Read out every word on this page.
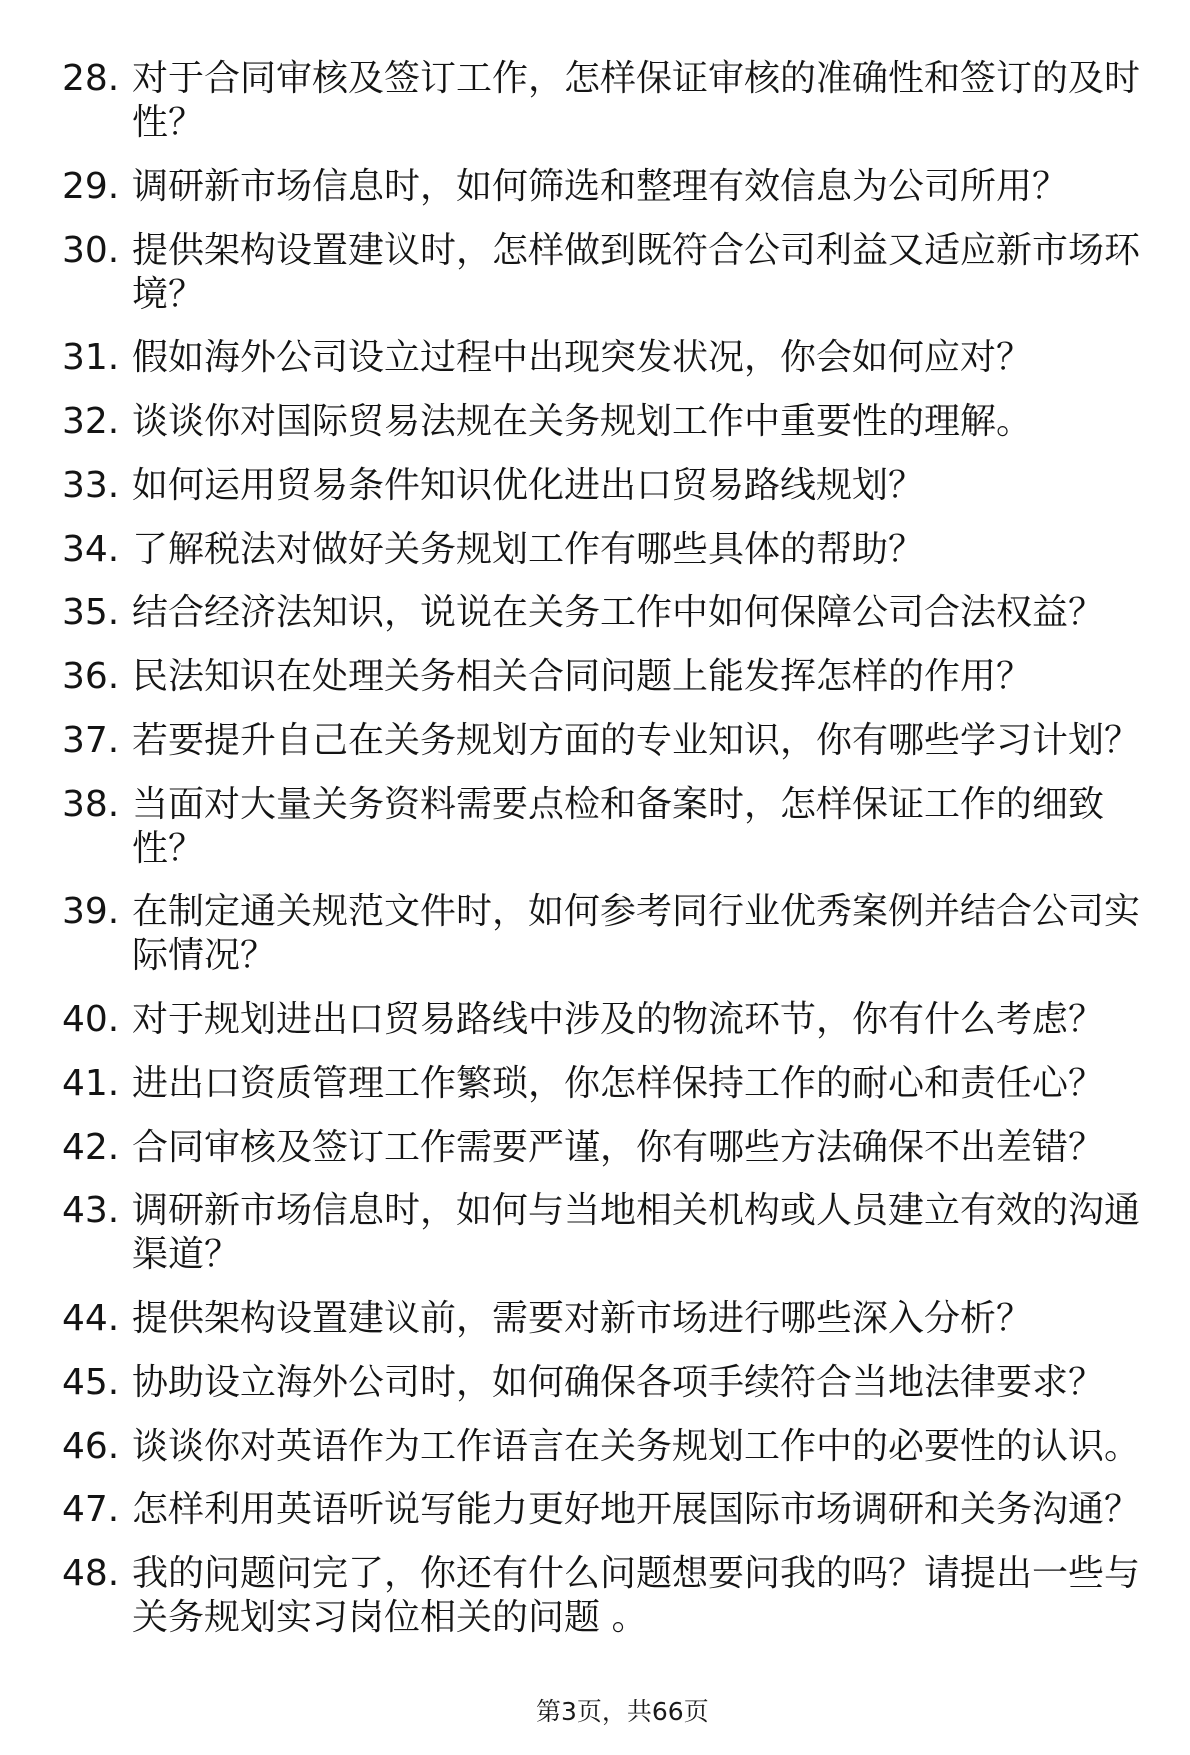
28. 对于合同审核及签订工作，怎样保证审核的准确性和签订的及时性？
29. 调研新市场信息时，如何筛选和整理有效信息为公司所用？
30. 提供架构设置建议时，怎样做到既符合公司利益又适应新市场环境？
31. 假如海外公司设立过程中出现突发状况，你会如何应对？
32. 谈谈你对国际贸易法规在关务规划工作中重要性的理解。
33. 如何运用贸易条件知识优化进出口贸易路线规划？
34. 了解税法对做好关务规划工作有哪些具体的帮助？
35. 结合经济法知识，说说在关务工作中如何保障公司合法权益？
36. 民法知识在处理关务相关合同问题上能发挥怎样的作用？
37. 若要提升自己在关务规划方面的专业知识，你有哪些学习计划？
38. 当面对大量关务资料需要点检和备案时，怎样保证工作的细致性？
39. 在制定通关规范文件时，如何参考同行业优秀案例并结合公司实际情况？
40. 对于规划进出口贸易路线中涉及的物流环节，你有什么考虑？
41. 进出口资质管理工作繁琐，你怎样保持工作的耐心和责任心？
42. 合同审核及签订工作需要严谨，你有哪些方法确保不出差错？
43. 调研新市场信息时，如何与当地相关机构或人员建立有效的沟通渠道？
44. 提供架构设置建议前，需要对新市场进行哪些深入分析？
45. 协助设立海外公司时，如何确保各项手续符合当地法律要求？
46. 谈谈你对英语作为工作语言在关务规划工作中的必要性的认识。
47. 怎样利用英语听说写能力更好地开展国际市场调研和关务沟通？
48. 我的问题问完了，你还有什么问题想要问我的吗？请提出一些与关务规划实习岗位相关的问题 。
第3页，共66页
